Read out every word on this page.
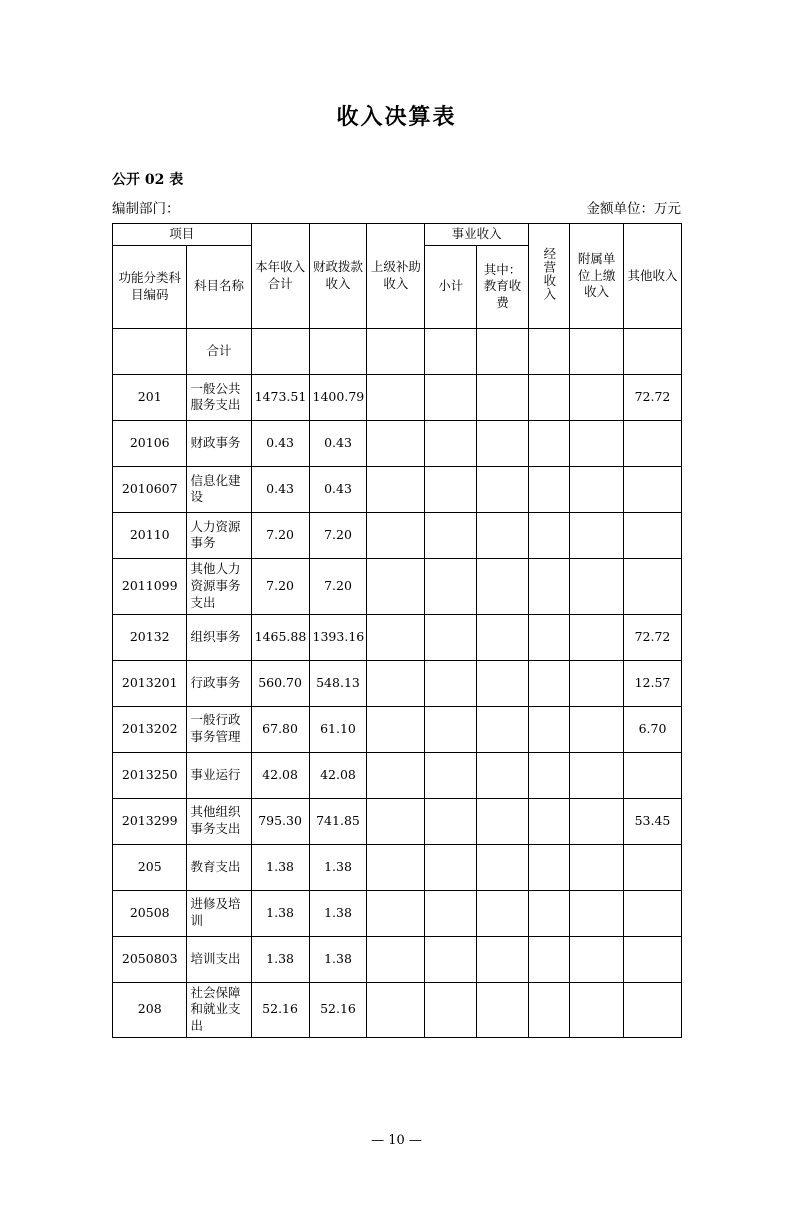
收入决算表
公开 02 表
编制部门：	金额单位：万元
项目		本年收入合计	财政拨款收入	上级补助收入	事业收入		经营收入	附属单位上缴收入	其他收入
功能分类科目编码	科目名称				小计	其中：教育收费			
	合计								
201	一般公共服务支出	1473.51	1400.79						72.72
20106	财政事务	0.43	0.43						
2010607	信息化建设	0.43	0.43						
20110	人力资源事务	7.20	7.20						
2011099	其他人力资源事务支出	7.20	7.20						
20132	组织事务	1465.88	1393.16						72.72
2013201	行政事务	560.70	548.13						12.57
2013202	一般行政事务管理	67.80	61.10						6.70
2013250	事业运行	42.08	42.08						
2013299	其他组织事务支出	795.30	741.85						53.45
205	教育支出	1.38	1.38						
20508	进修及培训	1.38	1.38						
2050803	培训支出	1.38	1.38						
208	社会保障和就业支出	52.16	52.16						
— 10 —
